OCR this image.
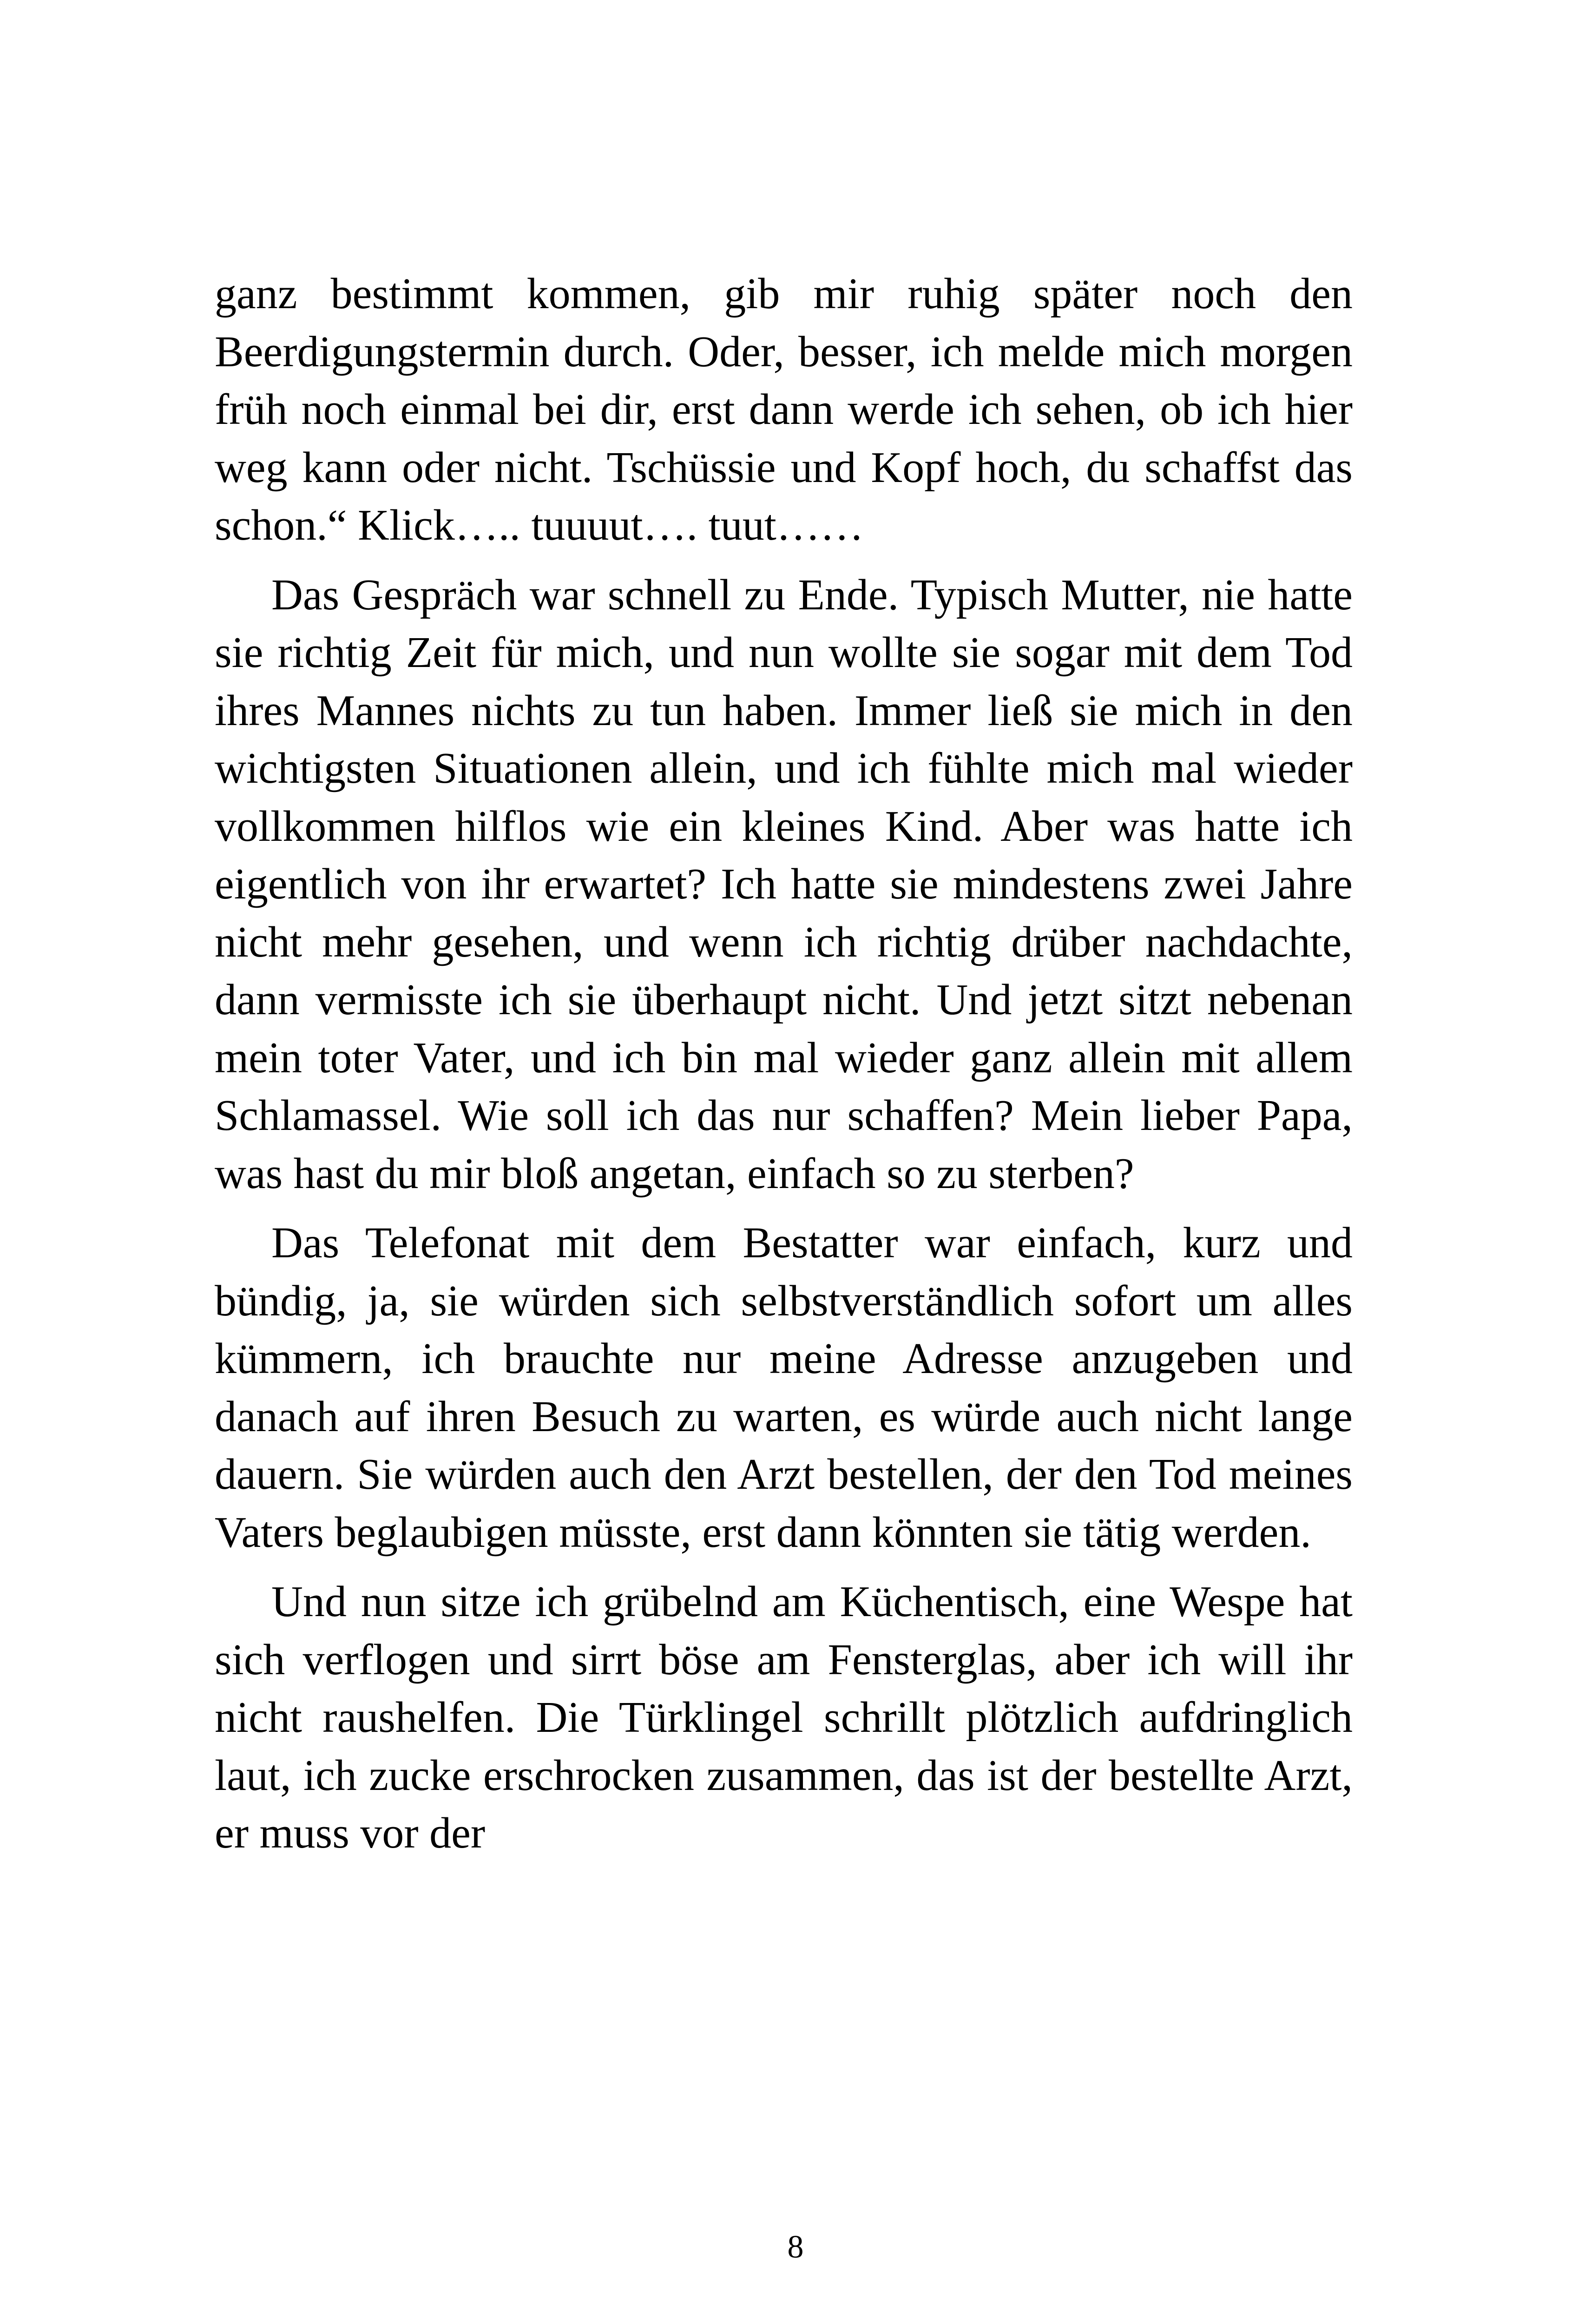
ganz bestimmt kommen, gib mir ruhig später noch den Beerdigungstermin durch. Oder, besser, ich melde mich morgen früh noch einmal bei dir, erst dann werde ich sehen, ob ich hier weg kann oder nicht. Tschüssie und Kopf hoch, du schaffst das schon.“ Klick….. tuuuut…. tuut……

Das Gespräch war schnell zu Ende. Typisch Mutter, nie hatte sie richtig Zeit für mich, und nun wollte sie sogar mit dem Tod ihres Mannes nichts zu tun haben. Immer ließ sie mich in den wichtigsten Situationen allein, und ich fühlte mich mal wieder vollkommen hilflos wie ein kleines Kind. Aber was hatte ich eigentlich von ihr erwartet? Ich hatte sie mindestens zwei Jahre nicht mehr gesehen, und wenn ich richtig drüber nachdachte, dann vermisste ich sie überhaupt nicht. Und jetzt sitzt nebenan mein toter Vater, und ich bin mal wieder ganz allein mit allem Schlamassel. Wie soll ich das nur schaffen? Mein lieber Papa, was hast du mir bloß angetan, einfach so zu sterben?

Das Telefonat mit dem Bestatter war einfach, kurz und bündig, ja, sie würden sich selbstverständlich sofort um alles kümmern, ich brauchte nur meine Adresse anzugeben und danach auf ihren Besuch zu warten, es würde auch nicht lange dauern. Sie würden auch den Arzt bestellen, der den Tod meines Vaters beglaubigen müsste, erst dann könnten sie tätig werden.

Und nun sitze ich grübelnd am Küchentisch, eine Wespe hat sich verflogen und sirrt böse am Fensterglas, aber ich will ihr nicht raushelfen. Die Türklingel schrillt plötzlich aufdringlich laut, ich zucke erschrocken zusammen, das ist der bestellte Arzt, er muss vor der

8
